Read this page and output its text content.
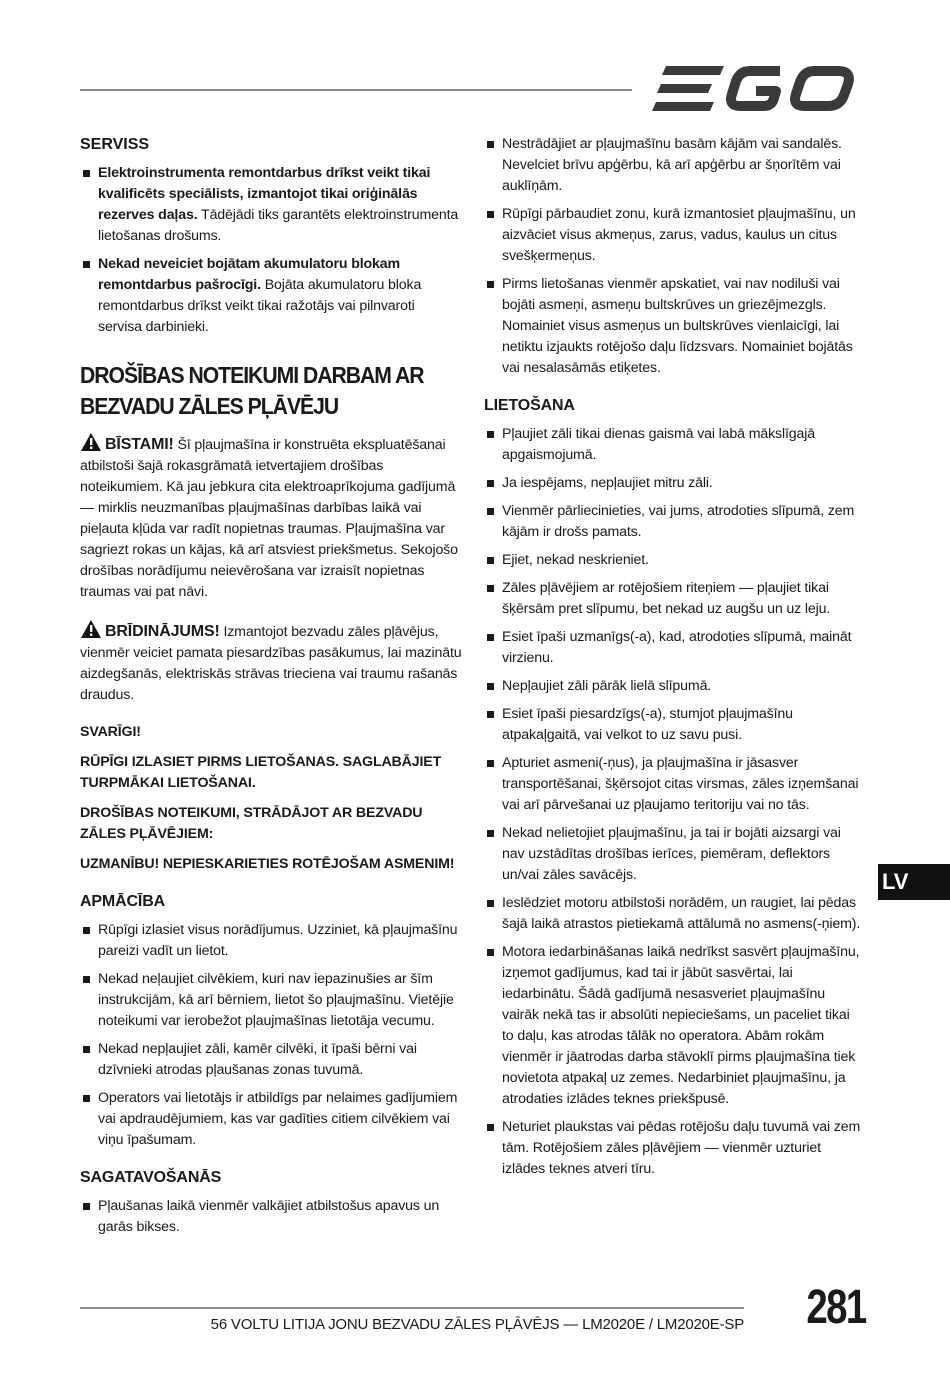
SERVISS
Elektroinstrumenta remontdarbus drīkst veikt tikai kvalificēts speciālists, izmantojot tikai oriģinālās rezerves daļas. Tādējādi tiks garantēts elektroinstrumenta lietošanas drošums.
Nekad neveiciet bojātam akumulatoru blokam remontdarbus pašrocīgi. Bojāta akumulatoru bloka remontdarbus drīkst veikt tikai ražotājs vai pilnvaroti servisa darbinieki.
DROŠĪBAS NOTEIKUMI DARBAM AR BEZVADU ZĀLES PĻĀVĒJU

BĪSTAMI! Šī pļaujmašīna ir konstruēta ekspluatēšanai atbilstoši šajā rokasgrāmatā ietvertajiem drošības noteikumiem. Kā jau jebkura cita elektroaprīkojuma gadījumā — mirklis neuzmanības pļaujmašīnas darbības laikā vai pieļauta kļūda var radīt nopietnas traumas. Pļaujmašīna var sagriezt rokas un kājas, kā arī atsviest priekšmetus. Sekojošo drošības norādījumu neievērošana var izraisīt nopietnas traumas vai pat nāvi.

BRĪDINĀJUMS! Izmantojot bezvadu zāles pļāvējus, vienmēr veiciet pamata piesardzības pasākumus, lai mazinātu aizdegšanās, elektriskās strāvas trieciena vai traumu rašanās draudus.

SVARĪGI!
RŪPĪGI IZLASIET PIRMS LIETOŠANAS. SAGLABĀJIET TURPMĀKAI LIETOŠANAI.
DROŠĪBAS NOTEIKUMI, STRĀDĀJOT AR BEZVADU ZĀLES PĻĀVĒJIEM:
UZMANĪBU! NEPIESKARIETIES ROTĒJOŠAM ASMENIM!
APMĀCĪBA
Rūpīgi izlasiet visus norādījumus. Uzziniet, kā pļaujmašīnu pareizi vadīt un lietot.
Nekad neļaujiet cilvēkiem, kuri nav iepazinušies ar šīm instrukcijām, kā arī bērniem, lietot šo pļaujmašīnu. Vietējie noteikumi var ierobežot pļaujmašīnas lietotāja vecumu.
Nekad nepļaujiet zāli, kamēr cilvēki, it īpaši bērni vai dzīvnieki atrodas pļaušanas zonas tuvumā.
Operators vai lietotājs ir atbildīgs par nelaimes gadījumiem vai apdraudējumiem, kas var gadīties citiem cilvēkiem vai viņu īpašumam.
SAGATAVOŠANĀS
Pļaušanas laikā vienmēr valkājiet atbilstošus apavus un garās bikses.
Nestrādājiet ar pļaujmašīnu basām kājām vai sandalēs. Nevelciet brīvu apģērbu, kā arī apģērbu ar šņorītēm vai auklīņām.
Rūpīgi pārbaudiet zonu, kurā izmantosiet pļaujmašīnu, un aizvāciet visus akmeņus, zarus, vadus, kaulus un citus svešķermeņus.
Pirms lietošanas vienmēr apskatiet, vai nav nodiluši vai bojāti asmeņi, asmeņu bultskrūves un griezējmezgls. Nomainiet visus asmeņus un bultskrūves vienlaicīgi, lai netiktu izjaukts rotējošo daļu līdzsvars. Nomainiet bojātās vai nesalasāmās etiķetes.
LIETOŠANA
Pļaujiet zāli tikai dienas gaismā vai labā mākslīgajā apgaismojumā.
Ja iespējams, nepļaujiet mitru zāli.
Vienmēr pārliecinieties, vai jums, atrodoties slīpumā, zem kājām ir drošs pamats.
Ejiet, nekad neskrieniet.
Zāles pļāvējiem ar rotējošiem riteņiem — pļaujiet tikai šķērsām pret slīpumu, bet nekad uz augšu un uz leju.
Esiet īpaši uzmanīgs(-a), kad, atrodoties slīpumā, maināt virzienu.
Nepļaujiet zāli pārāk lielā slīpumā.
Esiet īpaši piesardzīgs(-a), stumjot pļaujmašīnu atpakaļgaitā, vai velkot to uz savu pusi.
Apturiet asmeni(-ņus), ja pļaujmašīna ir jāsasver transportēšanai, šķērsojot citas virsmas, zāles izņemšanai vai arī pārvešanai uz pļaujamo teritoriju vai no tās.
Nekad nelietojiet pļaujmašīnu, ja tai ir bojāti aizsargi vai nav uzstādītas drošības ierīces, piemēram, deflektors un/vai zāles savācējs.
Ieslēdziet motoru atbilstoši norādēm, un raugiet, lai pēdas šajā laikā atrastos pietiekamā attālumā no asmens(-ņiem).
Motora iedarbināšanas laikā nedrīkst sasvērt pļaujmašīnu, izņemot gadījumus, kad tai ir jābūt sasvērtai, lai iedarbinātu. Šādā gadījumā nesasveriet pļaujmašīnu vairāk nekā tas ir absolūti nepieciešams, un paceliet tikai to daļu, kas atrodas tālāk no operatora. Abām rokām vienmēr ir jāatrodas darba stāvoklī pirms pļaujmašīna tiek novietota atpakaļ uz zemes. Nedarbiniet pļaujmašīnu, ja atrodaties izlādes teknes priekšpusē.
Neturiet plaukstas vai pēdas rotējošu daļu tuvumā vai zem tām. Rotējošiem zāles pļāvējiem — vienmēr uzturiet izlādes teknes atveri tīru.
LV
56 VOLTU LITIJA JONU BEZVADU ZĀLES PĻĀVĒJS — LM2020E / LM2020E-SP 281
